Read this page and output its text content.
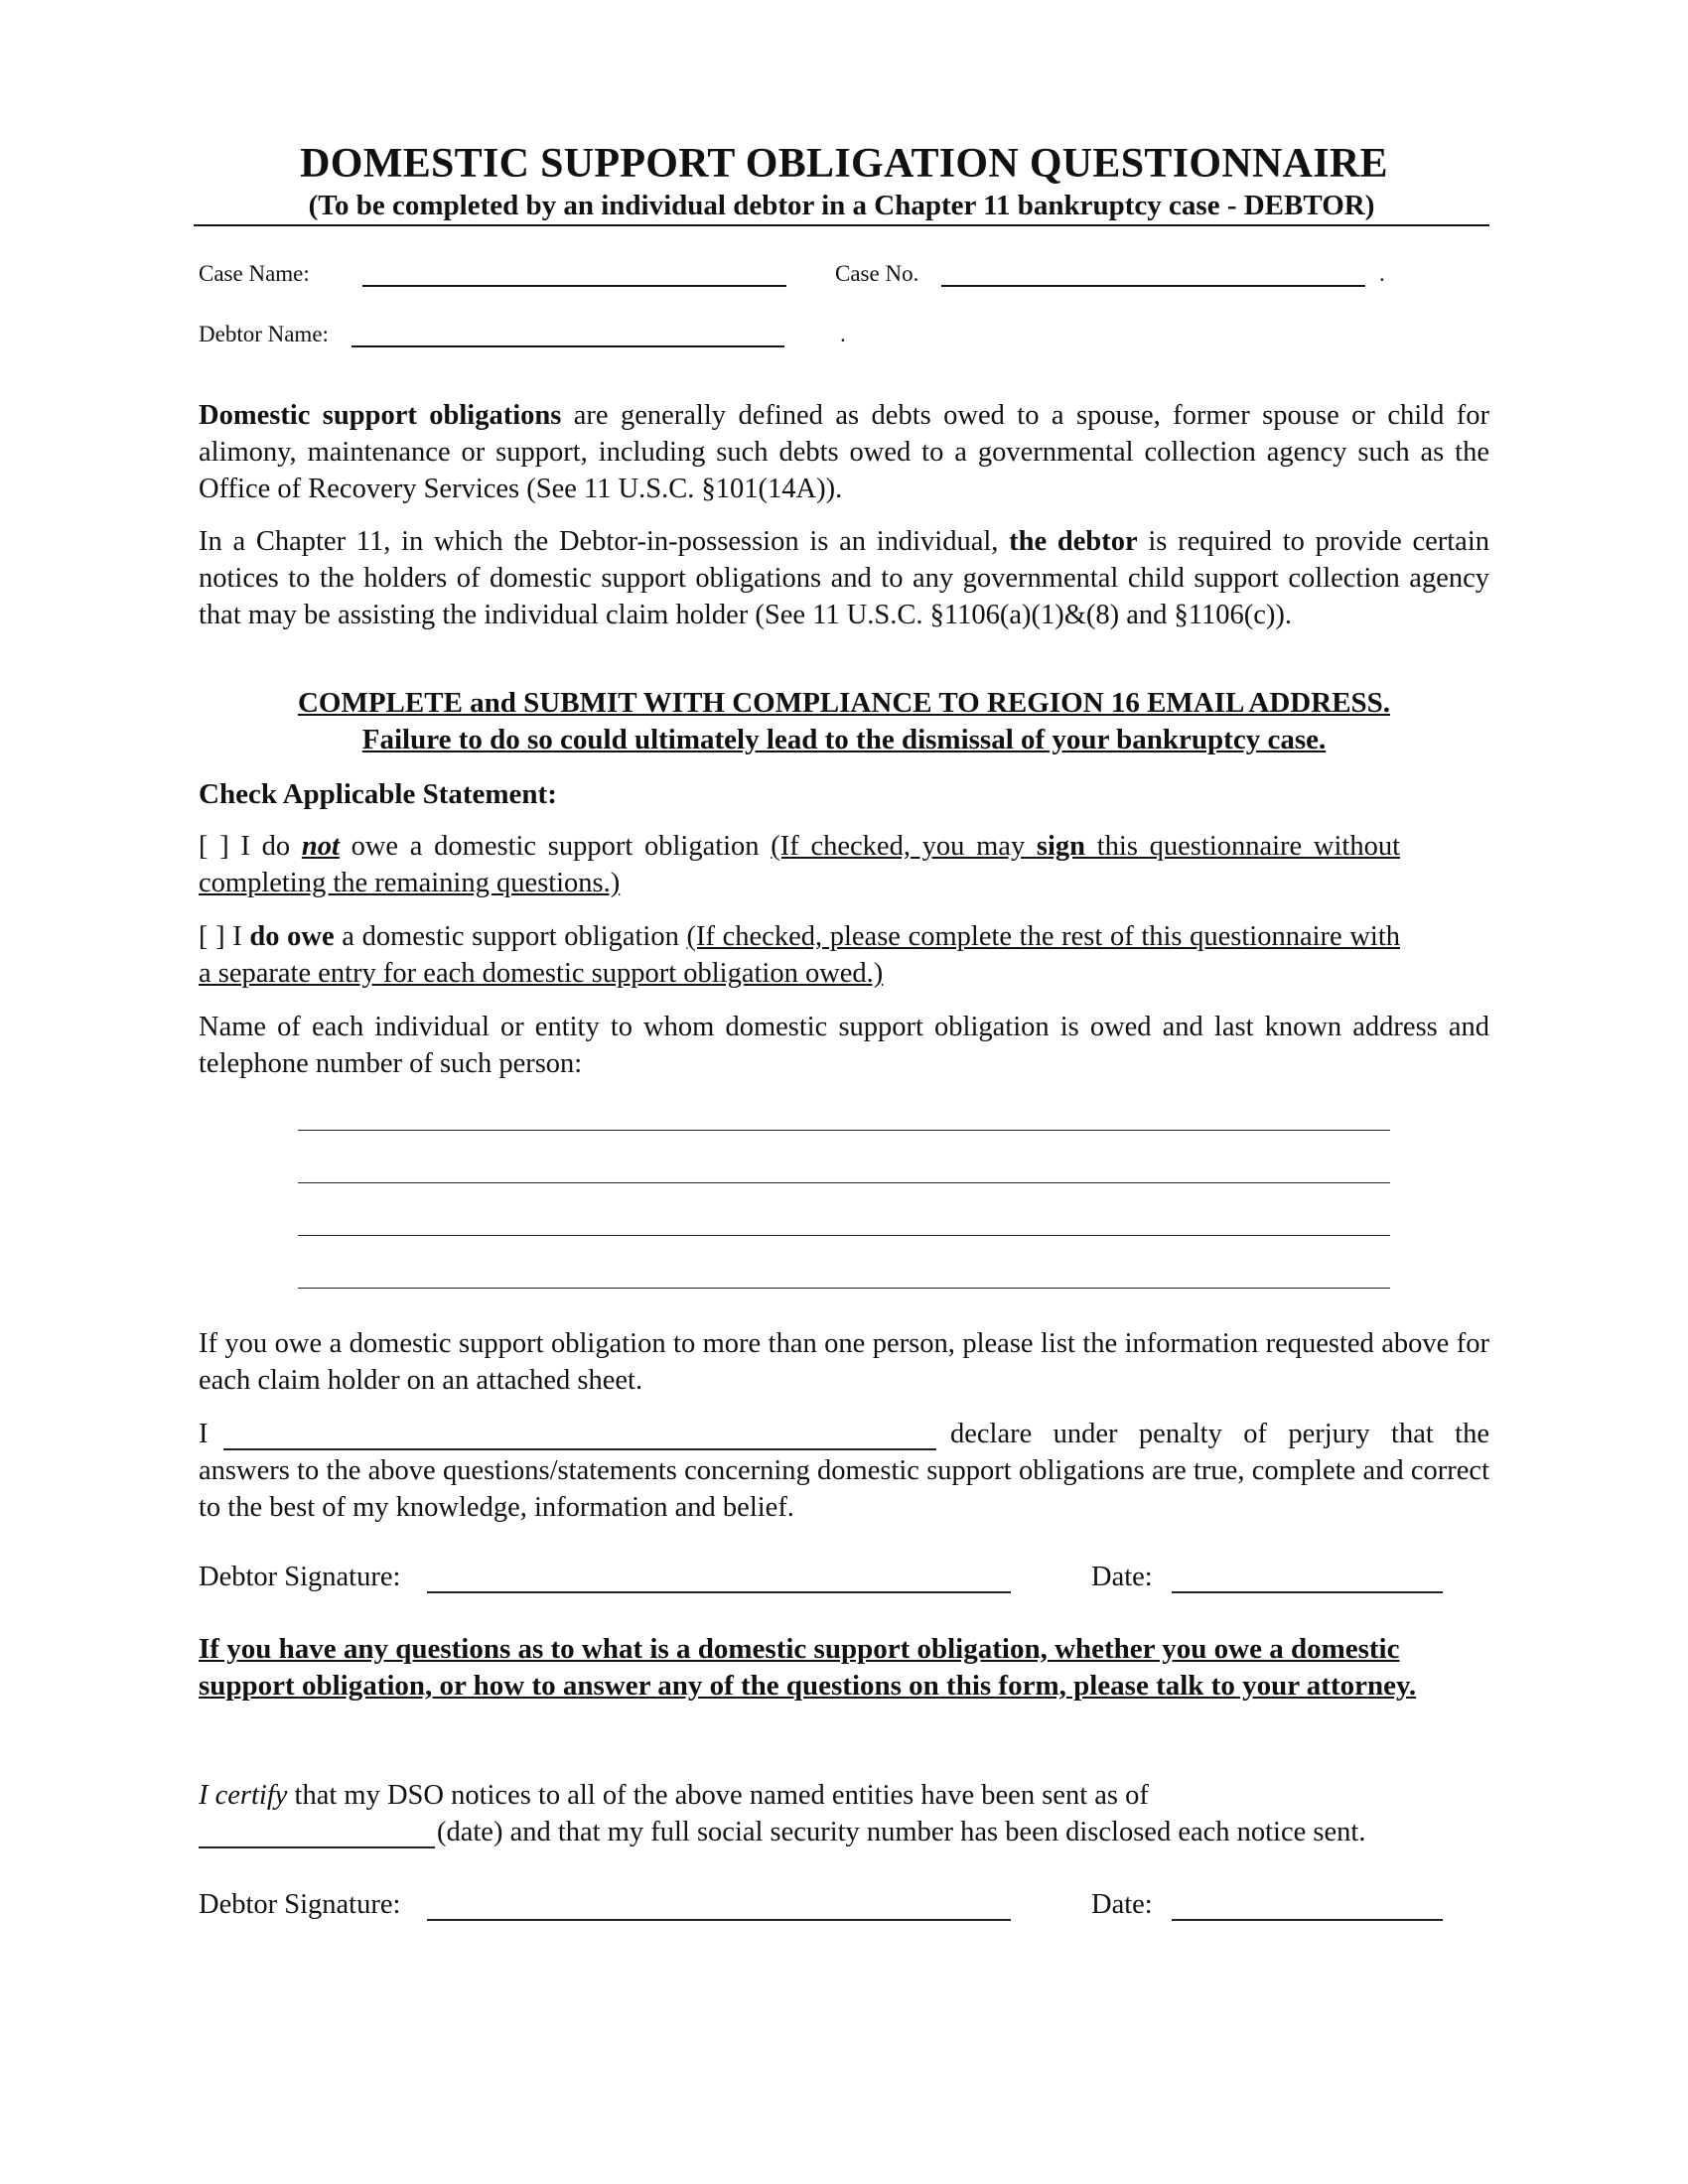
DOMESTIC SUPPORT OBLIGATION QUESTIONNAIRE
(To be completed by an individual debtor in a Chapter 11 bankruptcy case - DEBTOR)
Case Name:	Case No.	.
Debtor Name:	.

Domestic support obligations are generally defined as debts owed to a spouse, former spouse or child for alimony, maintenance or support, including such debts owed to a governmental collection agency such as the Office of Recovery Services (See 11 U.S.C. §101(14A)).

In a Chapter 11, in which the Debtor-in-possession is an individual, the debtor is required to provide certain notices to the holders of domestic support obligations and to any governmental child support collection agency that may be assisting the individual claim holder (See 11 U.S.C. §1106(a)(1)&(8) and §1106(c)).

COMPLETE and SUBMIT WITH COMPLIANCE TO REGION 16 EMAIL ADDRESS.
Failure to do so could ultimately lead to the dismissal of your bankruptcy case.
Check Applicable Statement:

[ ] I do not owe a domestic support obligation (If checked, you may sign this questionnaire without completing the remaining questions.)

[ ] I do owe a domestic support obligation (If checked, please complete the rest of this questionnaire with a separate entry for each domestic support obligation owed.)

Name of each individual or entity to whom domestic support obligation is owed and last known address and telephone number of such person:

If you owe a domestic support obligation to more than one person, please list the information requested above for each claim holder on an attached sheet.

I	declare under penalty of perjury that the

answers to the above questions/statements concerning domestic support obligations are true, complete and correct to the best of my knowledge, information and belief.

Debtor Signature:	Date:

If you have any questions as to what is a domestic support obligation, whether you owe a domestic support obligation, or how to answer any of the questions on this form, please talk to your attorney.

I certify that my DSO notices to all of the above named entities have been sent as of
(date) and that my full social security number has been disclosed each notice sent.
Debtor Signature:	Date:
